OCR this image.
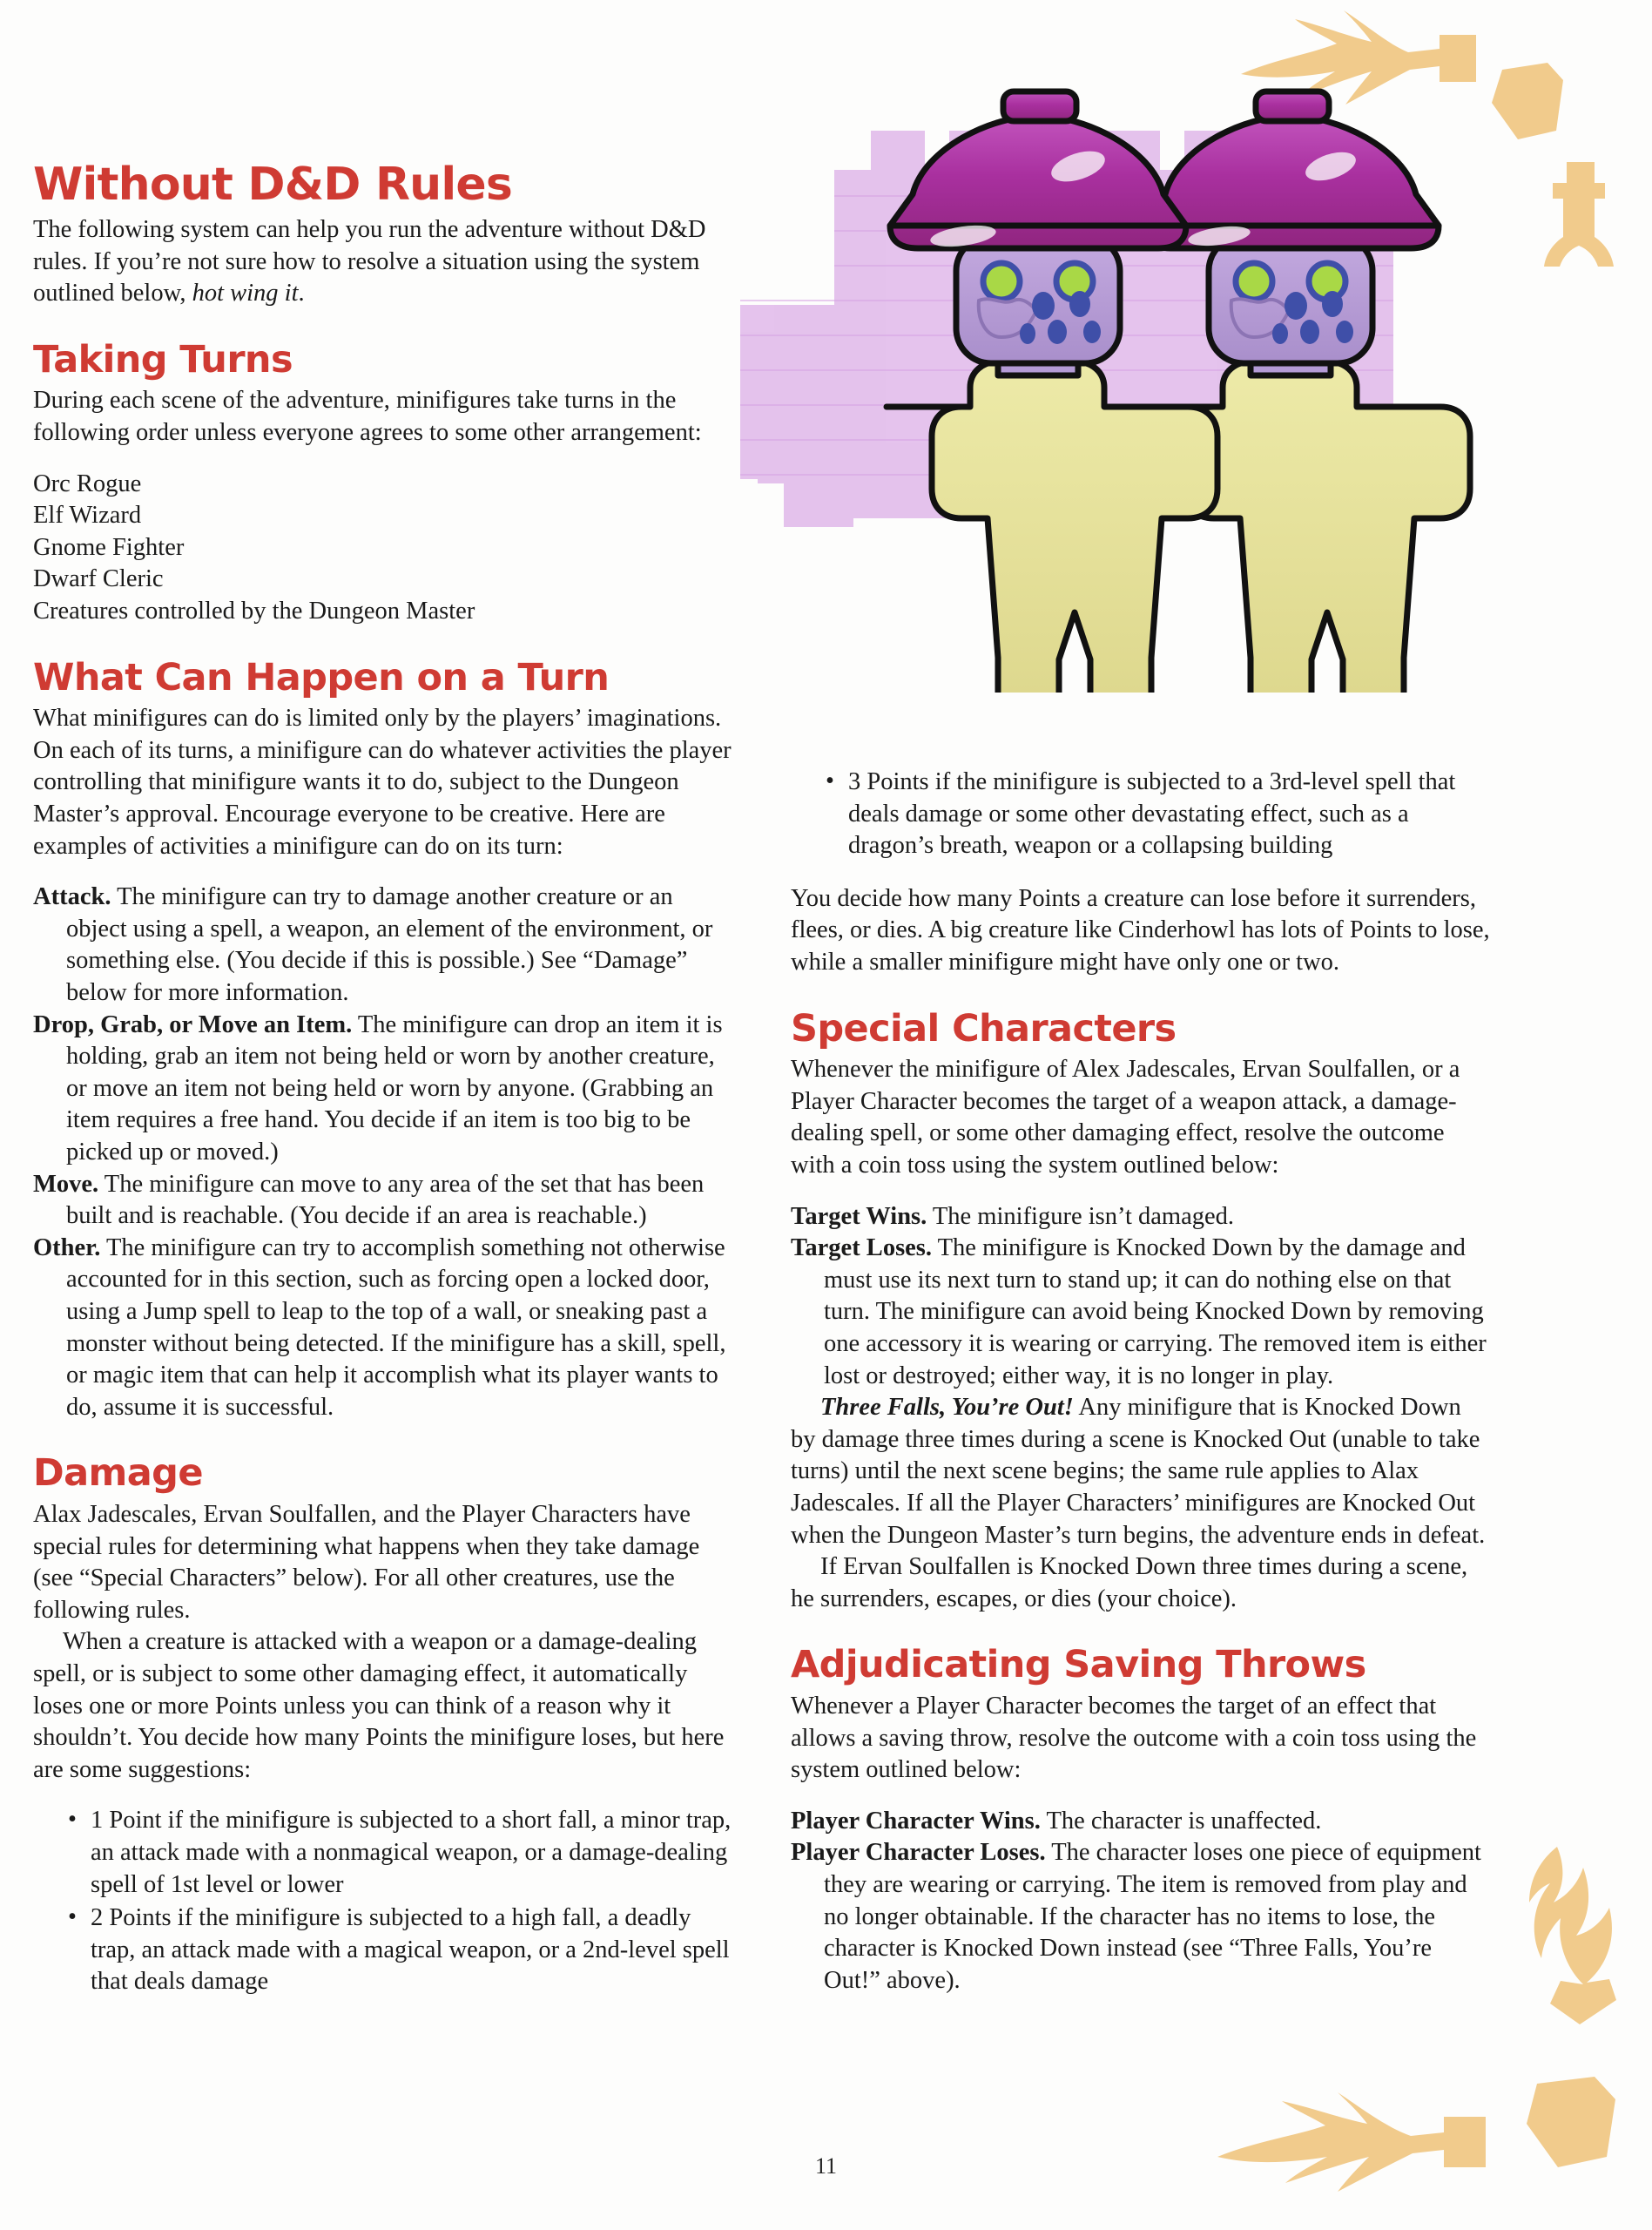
Without D&D Rules

The following system can help you run the adventure without D&D rules. If you’re not sure how to resolve a situation using the system outlined below, hot wing it.

Taking Turns

During each scene of the adventure, minifigures take turns in the following order unless everyone agrees to some other arrangement:

Orc Rogue
Elf Wizard
Gnome Fighter
Dwarf Cleric
Creatures controlled by the Dungeon Master
What Can Happen on a Turn

What minifigures can do is limited only by the players’ imaginations. On each of its turns, a minifigure can do whatever activities the player controlling that minifigure wants it to do, subject to the Dungeon Master’s approval. Encourage everyone to be creative. Here are examples of activities a minifigure can do on its turn:

Attack. The minifigure can try to damage another creature or an object using a spell, a weapon, an element of the environment, or something else. (You decide if this is possible.) See “Damage” below for more information.
Drop, Grab, or Move an Item. The minifigure can drop an item it is holding, grab an item not being held or worn by another creature, or move an item not being held or worn by anyone. (Grabbing an item requires a free hand. You decide if an item is too big to be picked up or moved.)
Move. The minifigure can move to any area of the set that has been built and is reachable. (You decide if an area is reachable.)
Other. The minifigure can try to accomplish something not otherwise accounted for in this section, such as forcing open a locked door, using a Jump spell to leap to the top of a wall, or sneaking past a monster without being detected. If the minifigure has a skill, spell, or magic item that can help it accomplish what its player wants to do, assume it is successful.
Damage

Alax Jadescales, Ervan Soulfallen, and the Player Characters have special rules for determining what happens when they take damage (see “Special Characters” below). For all other creatures, use the following rules.

When a creature is attacked with a weapon or a damage-dealing spell, or is subject to some other damaging effect, it automatically loses one or more Points unless you can think of a reason why it shouldn’t. You decide how many Points the minifigure loses, but here are some suggestions:

• 1 Point if the minifigure is subjected to a short fall, a minor trap, an attack made with a nonmagical weapon, or a damage-dealing spell of 1st level or lower
• 2 Points if the minifigure is subjected to a high fall, a deadly trap, an attack made with a magical weapon, or a 2nd-level spell that deals damage
• 3 Points if the minifigure is subjected to a 3rd-level spell that deals damage or some other devastating effect, such as a dragon’s breath, weapon or a collapsing building

You decide how many Points a creature can lose before it surrenders, flees, or dies. A big creature like Cinderhowl has lots of Points to lose, while a smaller minifigure might have only one or two.

Special Characters

Whenever the minifigure of Alex Jadescales, Ervan Soulfallen, or a Player Character becomes the target of a weapon attack, a damage-dealing spell, or some other damaging effect, resolve the outcome with a coin toss using the system outlined below:

Target Wins. The minifigure isn’t damaged.
Target Loses. The minifigure is Knocked Down by the damage and must use its next turn to stand up; it can do nothing else on that turn. The minifigure can avoid being Knocked Down by removing one accessory it is wearing or carrying. The removed item is either lost or destroyed; either way, it is no longer in play.

Three Falls, You’re Out! Any minifigure that is Knocked Down by damage three times during a scene is Knocked Out (unable to take turns) until the next scene begins; the same rule applies to Alax Jadescales. If all the Player Characters’ minifigures are Knocked Out when the Dungeon Master’s turn begins, the adventure ends in defeat.

If Ervan Soulfallen is Knocked Down three times during a scene, he surrenders, escapes, or dies (your choice).

Adjudicating Saving Throws

Whenever a Player Character becomes the target of an effect that allows a saving throw, resolve the outcome with a coin toss using the system outlined below:

Player Character Wins. The character is unaffected.
Player Character Loses. The character loses one piece of equipment they are wearing or carrying. The item is removed from play and no longer obtainable. If the character has no items to lose, the character is Knocked Down instead (see “Three Falls, You’re Out!” above).
11
